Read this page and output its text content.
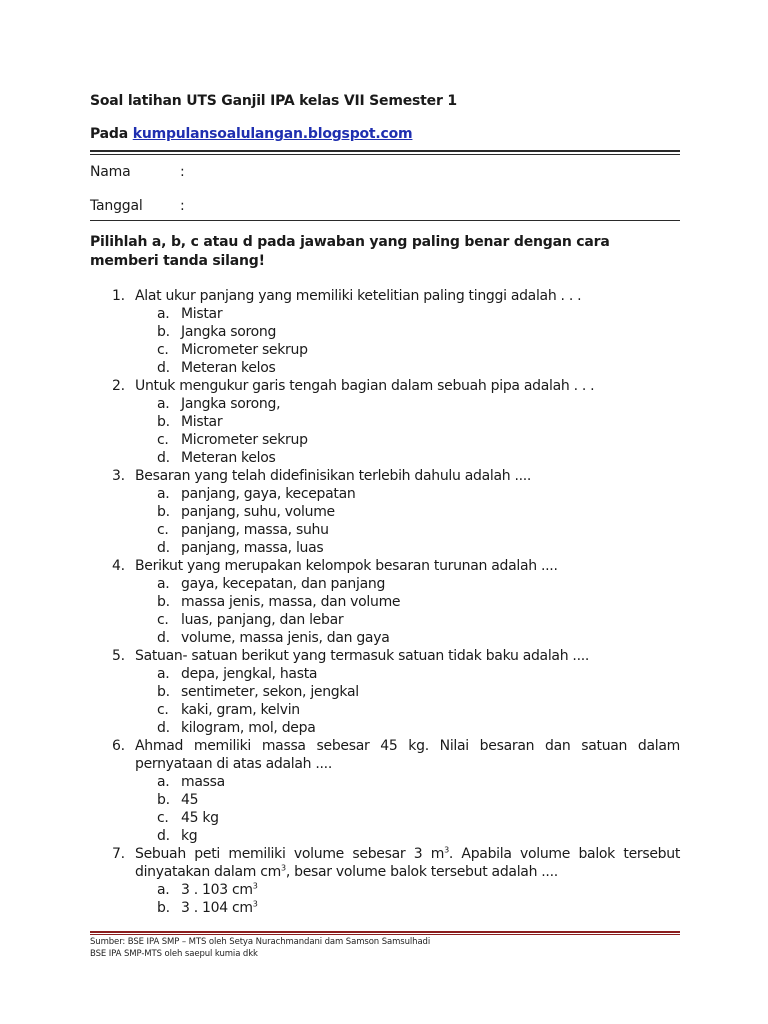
Soal latihan UTS Ganjil IPA kelas VII Semester 1
Pada kumpulansoalulangan.blogspot.com
Nama	:
Tanggal	:
Pilihlah a, b, c atau d pada jawaban yang paling benar dengan cara memberi tanda silang!
1. Alat ukur panjang yang memiliki ketelitian paling tinggi adalah . . .
a. Mistar
b. Jangka sorong
c. Micrometer sekrup
d. Meteran kelos
2. Untuk mengukur garis tengah bagian dalam sebuah pipa adalah . . .
a. Jangka sorong,
b. Mistar
c. Micrometer sekrup
d. Meteran kelos
3. Besaran yang telah didefinisikan terlebih dahulu adalah ....
a. panjang, gaya, kecepatan
b. panjang, suhu, volume
c. panjang, massa, suhu
d. panjang, massa, luas
4. Berikut yang merupakan kelompok besaran turunan adalah ....
a. gaya, kecepatan, dan panjang
b. massa jenis, massa, dan volume
c. luas, panjang, dan lebar
d. volume, massa jenis, dan gaya
5. Satuan- satuan berikut yang termasuk satuan tidak baku adalah ....
a. depa, jengkal, hasta
b. sentimeter, sekon, jengkal
c. kaki, gram, kelvin
d. kilogram, mol, depa
6. Ahmad memiliki massa sebesar 45 kg. Nilai besaran dan satuan dalam pernyataan di atas adalah ....
a. massa
b. 45
c. 45 kg
d. kg
7. Sebuah peti memiliki volume sebesar 3 $m^3$. Apabila volume balok tersebut dinyatakan dalam $cm^3$, besar volume balok tersebut adalah ....
a. 3 . 103 $cm^3$
b. 3 . 104 $cm^3$
Sumber: BSE IPA SMP – MTS oleh Setya Nurachmandani dam Samson Samsulhadi
BSE IPA SMP-MTS oleh saepul kumia dkk
